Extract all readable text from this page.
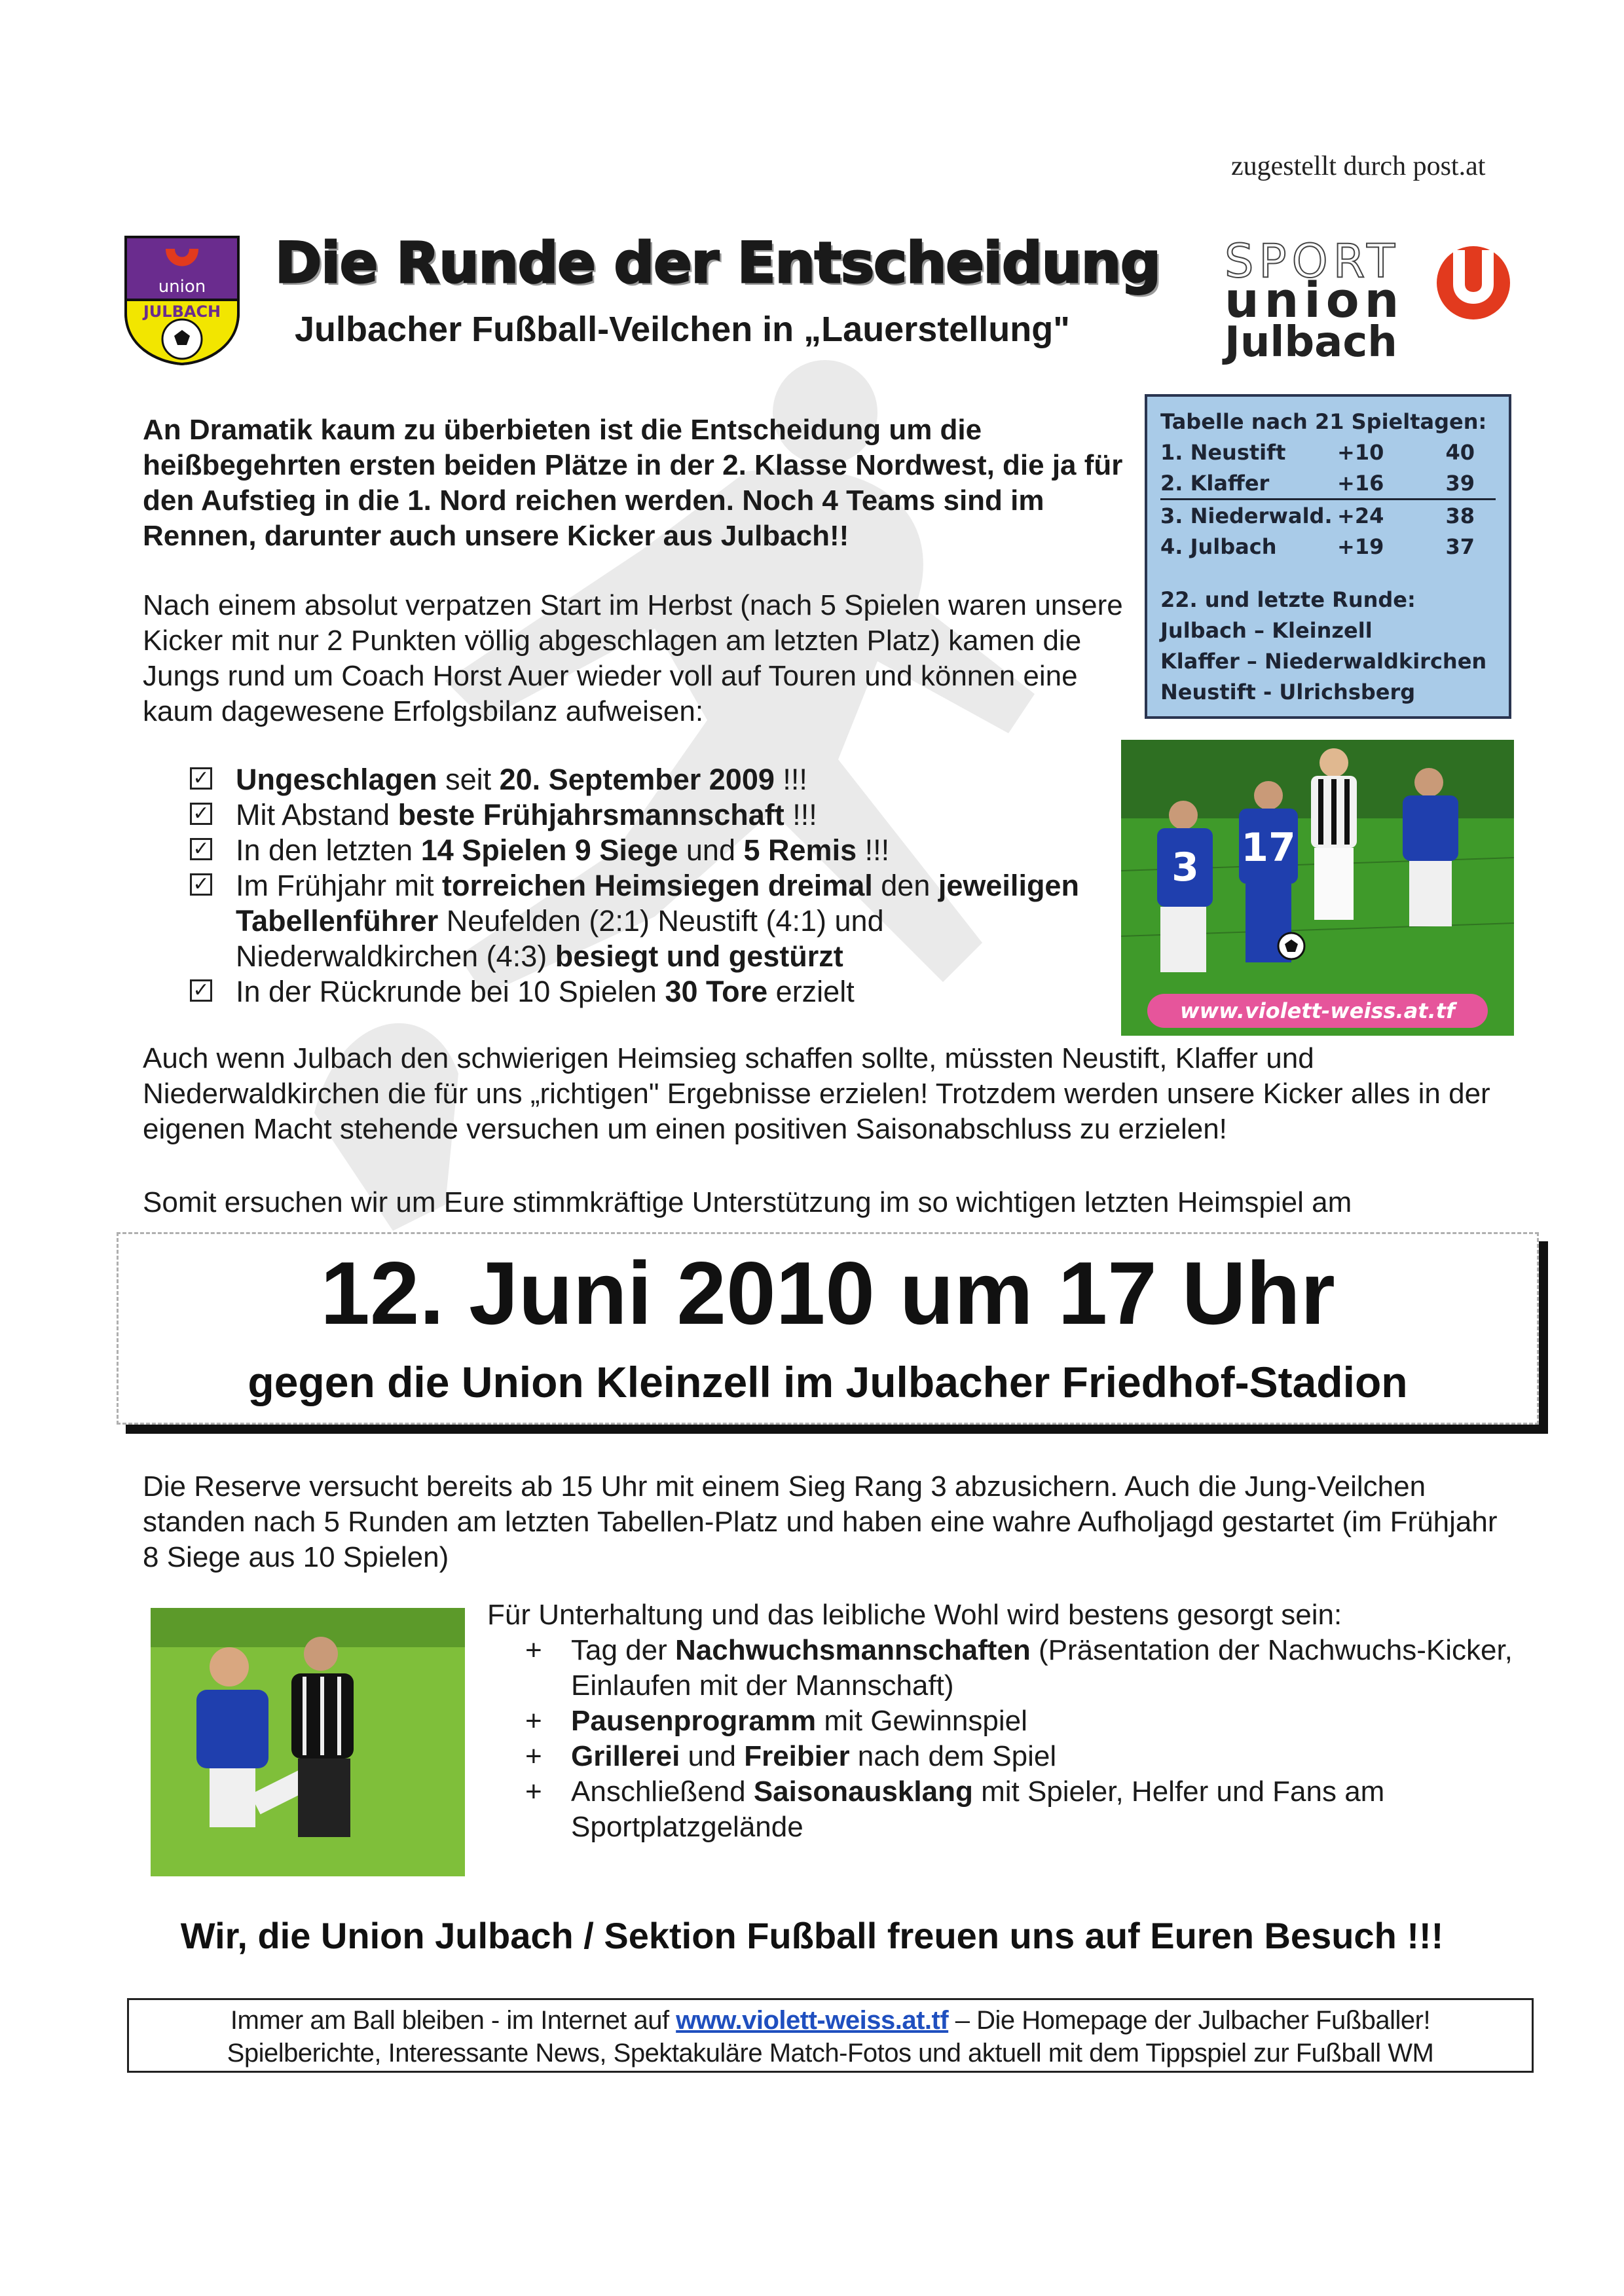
zugestellt durch post.at
union
JULBACH
Die Runde der Entscheidung
Julbacher Fußball-Veilchen in „Lauerstellung"
SPORT
union
Julbach
An Dramatik kaum zu überbieten ist die Entscheidung um die heißbegehrten ersten beiden Plätze in der 2. Klasse Nordwest, die ja für den Aufstieg in die 1. Nord reichen werden. Noch 4 Teams sind im Rennen, darunter auch unsere Kicker aus Julbach!!
Nach einem absolut verpatzen Start im Herbst (nach 5 Spielen waren unsere Kicker mit nur 2 Punkten völlig abgeschlagen am letzten Platz) kamen die Jungs rund um Coach Horst Auer wieder voll auf Touren und können eine kaum dagewesene Erfolgsbilanz aufweisen:
Tabelle nach 21 Spieltagen:
1. Neustift	+10	40
2. Klaffer	+16	39
3. Niederwald. +24	38
4. Julbach	+19	37
22. und letzte Runde:
Julbach – Kleinzell
Klaffer – Niederwaldkirchen
Neustift - Ulrichsberg
17
3
www.violett-weiss.at.tf
✓ Ungeschlagen seit 20. September 2009 !!!
✓ Mit Abstand beste Frühjahrsmannschaft !!!
✓ In den letzten 14 Spielen 9 Siege und 5 Remis !!!
✓ Im Frühjahr mit torreichen Heimsiegen dreimal den jeweiligen Tabellenführer Neufelden (2:1) Neustift (4:1) und Niederwaldkirchen (4:3) besiegt und gestürzt
✓ In der Rückrunde bei 10 Spielen 30 Tore erzielt
Auch wenn Julbach den schwierigen Heimsieg schaffen sollte, müssten Neustift, Klaffer und Niederwaldkirchen die für uns „richtigen" Ergebnisse erzielen! Trotzdem werden unsere Kicker alles in der eigenen Macht stehende versuchen um einen positiven Saisonabschluss zu erzielen!
Somit ersuchen wir um Eure stimmkräftige Unterstützung im so wichtigen letzten Heimspiel am
12. Juni 2010 um 17 Uhr
gegen die Union Kleinzell im Julbacher Friedhof-Stadion
Die Reserve versucht bereits ab 15 Uhr mit einem Sieg Rang 3 abzusichern. Auch die Jung-Veilchen standen nach 5 Runden am letzten Tabellen-Platz und haben eine wahre Aufholjagd gestartet (im Frühjahr 8 Siege aus 10 Spielen)
Für Unterhaltung und das leibliche Wohl wird bestens gesorgt sein:
+ Tag der Nachwuchsmannschaften (Präsentation der Nachwuchs-Kicker, Einlaufen mit der Mannschaft)
+ Pausenprogramm mit Gewinnspiel
+ Grillerei und Freibier nach dem Spiel
+ Anschließend Saisonausklang mit Spieler, Helfer und Fans am Sportplatzgelände
Wir, die Union Julbach / Sektion Fußball freuen uns auf Euren Besuch !!!
Immer am Ball bleiben - im Internet auf www.violett-weiss.at.tf – Die Homepage der Julbacher Fußballer!
Spielberichte, Interessante News, Spektakuläre Match-Fotos und aktuell mit dem Tippspiel zur Fußball WM
